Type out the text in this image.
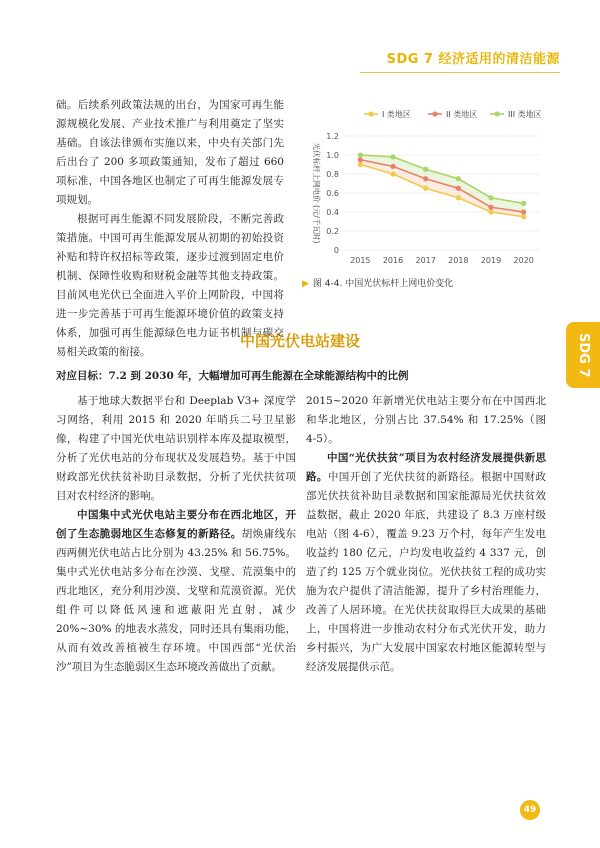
SDG 7 经济适用的清洁能源
SDG 7

础。后续系列政策法规的出台，为国家可再生能源规模化发展、产业技术推广与利用奠定了坚实基础。自该法律颁布实施以来，中央有关部门先后出台了 200 多项政策通知，发布了超过 660 项标准，中国各地区也制定了可再生能源发展专项规划。

根据可再生能源不同发展阶段，不断完善政策措施。中国可再生能源发展从初期的初始投资补贴和特许权招标等政策，逐步过渡到固定电价机制、保障性收购和财税金融等其他支持政策。目前风电光伏已全面进入平价上网阶段，中国将进一步完善基于可再生能源环境价值的政策支持体系，加强可再生能源绿色电力证书机制与碳交易相关政策的衔接。

0
0.2
0.4
0.6
0.8
1.0
1.2
2015 2016 2017 2018 2019 2020
光伏标杆上网电价 (元/千瓦时)
I 类地区	II 类地区	III 类地区
▶ 图 4-4. 中国光伏标杆上网电价变化
中国光伏电站建设
对应目标：7.2 到 2030 年，大幅增加可再生能源在全球能源结构中的比例

基于地球大数据平台和 Deeplab V3+ 深度学习网络，利用 2015 和 2020 年哨兵二号卫星影像，构建了中国光伏电站识别样本库及提取模型，分析了光伏电站的分布现状及发展趋势。基于中国财政部光伏扶贫补助目录数据，分析了光伏扶贫项目对农村经济的影响。

中国集中式光伏电站主要分布在西北地区，开创了生态脆弱地区生态修复的新路径。胡焕庸线东西两侧光伏电站占比分别为 43.25% 和 56.75%。集中式光伏电站多分布在沙漠、戈壁、荒漠集中的西北地区，充分利用沙漠、戈壁和荒漠资源。光伏组件可以降低风速和遮蔽阳光直射，减少 20%~30% 的地表水蒸发，同时还具有集雨功能，从而有效改善植被生存环境。中国西部“光伏治沙”项目为生态脆弱区生态环境改善做出了贡献。

2015~2020 年新增光伏电站主要分布在中国西北和华北地区，分别占比 37.54% 和 17.25%（图 4-5）。

中国“光伏扶贫”项目为农村经济发展提供新思路。中国开创了光伏扶贫的新路径。根据中国财政部光伏扶贫补助目录数据和国家能源局光伏扶贫效益数据，截止 2020 年底，共建设了 8.3 万座村级电站（图 4-6），覆盖 9.23 万个村，每年产生发电收益约 180 亿元，户均发电收益约 4 337 元，创造了约 125 万个就业岗位。光伏扶贫工程的成功实施为农户提供了清洁能源，提升了乡村治理能力，改善了人居环境。在光伏扶贫取得巨大成果的基础上，中国将进一步推动农村分布式光伏开发，助力乡村振兴，为广大发展中国家农村地区能源转型与经济发展提供示范。

49
